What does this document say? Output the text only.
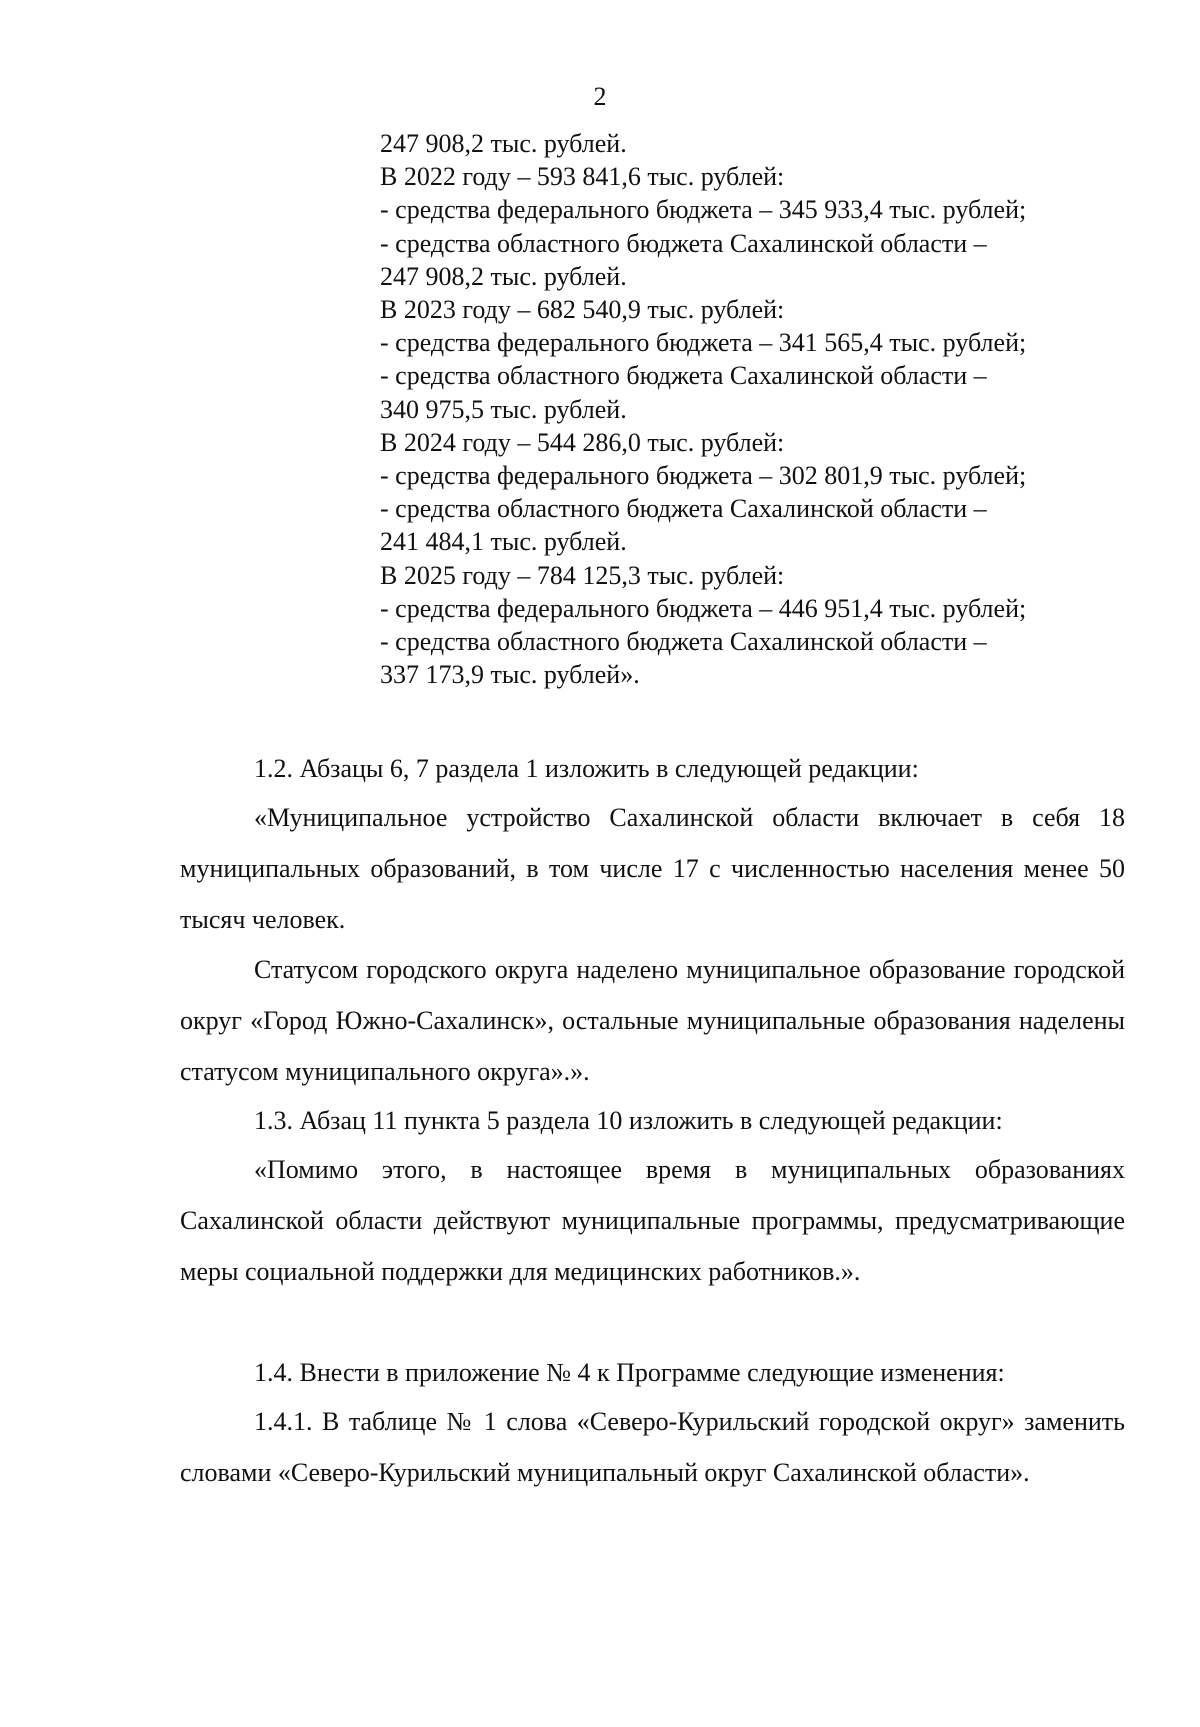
2
247 908,2 тыс. рублей.
В 2022 году – 593 841,6 тыс. рублей:
- средства федерального бюджета – 345 933,4 тыс. рублей;
- средства областного бюджета Сахалинской области –
247 908,2 тыс. рублей.
В 2023 году – 682 540,9 тыс. рублей:
- средства федерального бюджета – 341 565,4 тыс. рублей;
- средства областного бюджета Сахалинской области –
340 975,5 тыс. рублей.
В 2024 году – 544 286,0 тыс. рублей:
- средства федерального бюджета – 302 801,9 тыс. рублей;
- средства областного бюджета Сахалинской области –
241 484,1 тыс. рублей.
В 2025 году – 784 125,3 тыс. рублей:
- средства федерального бюджета – 446 951,4 тыс. рублей;
- средства областного бюджета Сахалинской области –
337 173,9 тыс. рублей».
1.2. Абзацы 6, 7 раздела 1 изложить в следующей редакции:
«Муниципальное устройство Сахалинской области включает в себя 18 муниципальных образований, в том числе 17 с численностью населения менее 50 тысяч человек.
Статусом городского округа наделено муниципальное образование городской округ «Город Южно-Сахалинск», остальные муниципальные образования наделены статусом муниципального округа».».
1.3. Абзац 11 пункта 5 раздела 10 изложить в следующей редакции:
«Помимо этого, в настоящее время в муниципальных образованиях Сахалинской области действуют муниципальные программы, предусматривающие меры социальной поддержки для медицинских работников.».
1.4. Внести в приложение № 4 к Программе следующие изменения:
1.4.1. В таблице № 1 слова «Северо-Курильский городской округ» заменить словами «Северо-Курильский муниципальный округ Сахалинской области».
